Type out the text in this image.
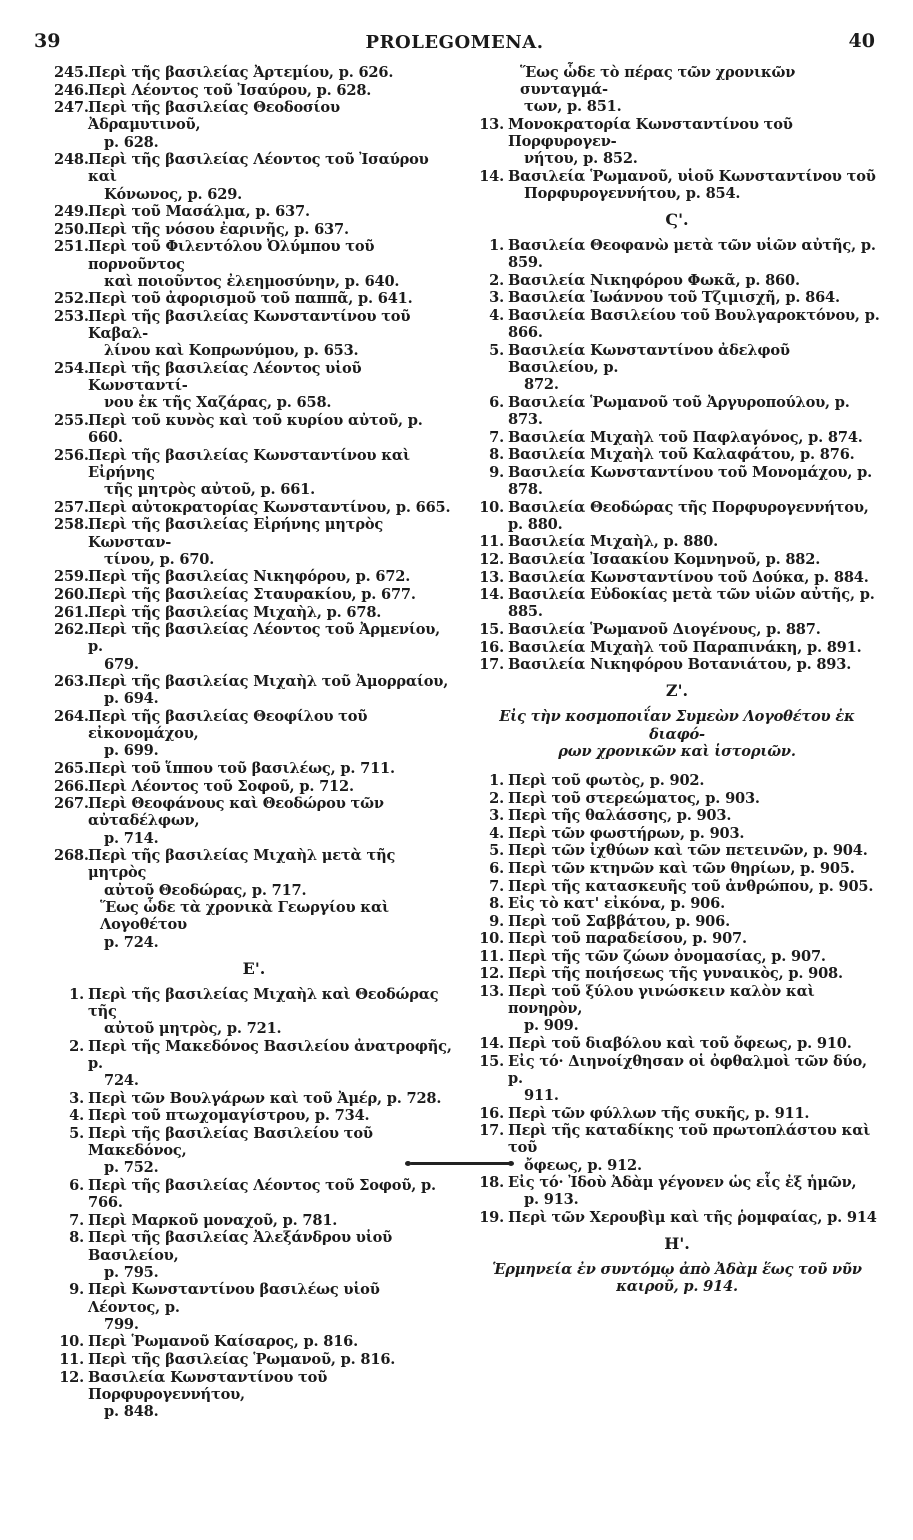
39	PROLEGOMENA.	40
245. Περὶ τῆς βασιλείας Ἀρτεμίου, p. 626.
246. Περὶ Λέοντος τοῦ Ἰσαύρου, p. 628.
247. Περὶ τῆς βασιλείας Θεοδοσίου Ἀδραμυτινοῦ,
p. 628.
248. Περὶ τῆς βασιλείας Λέοντος τοῦ Ἰσαύρου καὶ
Κόνωνος, p. 629.
249. Περὶ τοῦ Μασάλμα, p. 637.
250. Περὶ τῆς νόσου ἐαρινῆς, p. 637.
251. Περὶ τοῦ Φιλεντόλου Ὀλύμπου τοῦ πορνοῦντος
καὶ ποιοῦντος ἐλεημοσύνην, p. 640.
252. Περὶ τοῦ ἀφορισμοῦ τοῦ παππᾶ, p. 641.
253. Περὶ τῆς βασιλείας Κωνσταντίνου τοῦ Καβαλ-
λίνου καὶ Κοπρωνύμου, p. 653.
254. Περὶ τῆς βασιλείας Λέοντος υἱοῦ Κωνσταντί-
νου ἐκ τῆς Χαζάρας, p. 658.
255. Περὶ τοῦ κυνὸς καὶ τοῦ κυρίου αὐτοῦ, p. 660.
256. Περὶ τῆς βασιλείας Κωνσταντίνου καὶ Εἰρήνης
τῆς μητρὸς αὐτοῦ, p. 661.
257. Περὶ αὐτοκρατορίας Κωνσταντίνου, p. 665.
258. Περὶ τῆς βασιλείας Εἰρήνης μητρὸς Κωνσταν-
τίνου, p. 670.
259. Περὶ τῆς βασιλείας Νικηφόρου, p. 672.
260. Περὶ τῆς βασιλείας Σταυρακίου, p. 677.
261. Περὶ τῆς βασιλείας Μιχαὴλ, p. 678.
262. Περὶ τῆς βασιλείας Λέοντος τοῦ Ἀρμενίου, p.
679.
263. Περὶ τῆς βασιλείας Μιχαὴλ τοῦ Ἀμορραίου,
p. 694.
264. Περὶ τῆς βασιλείας Θεοφίλου τοῦ εἰκονομάχου,
p. 699.
265. Περὶ τοῦ ἵππου τοῦ βασιλέως, p. 711.
266. Περὶ Λέοντος τοῦ Σοφοῦ, p. 712.
267. Περὶ Θεοφάνους καὶ Θεοδώρου τῶν αὐταδέλφων,
p. 714.
268. Περὶ τῆς βασιλείας Μιχαὴλ μετὰ τῆς μητρὸς
αὐτοῦ Θεοδώρας, p. 717.
Ἕως ὧδε τὰ χρονικὰ Γεωργίου καὶ Λογοθέτου
p. 724.
E'.
1. Περὶ τῆς βασιλείας Μιχαὴλ καὶ Θεοδώρας τῆς
αὐτοῦ μητρὸς, p. 721.
2. Περὶ τῆς Μακεδόνος Βασιλείου ἀνατροφῆς, p.
724.
3. Περὶ τῶν Βουλγάρων καὶ τοῦ Ἀμέρ, p. 728.
4. Περὶ τοῦ πτωχομαγίστρου, p. 734.
5. Περὶ τῆς βασιλείας Βασιλείου τοῦ Μακεδόνος,
p. 752.
6. Περὶ τῆς βασιλείας Λέοντος τοῦ Σοφοῦ, p. 766.
7. Περὶ Μαρκοῦ μοναχοῦ, p. 781.
8. Περὶ τῆς βασιλείας Ἀλεξάνδρου υἱοῦ Βασιλείου,
p. 795.
9. Περὶ Κωνσταντίνου βασιλέως υἱοῦ Λέοντος, p.
799.
10. Περὶ Ῥωμανοῦ Καίσαρος, p. 816.
11. Περὶ τῆς βασιλείας Ῥωμανοῦ, p. 816.
12. Βασιλεία Κωνσταντίνου τοῦ Πορφυρογεννήτου,
p. 848.
Ἕως ὧδε τὸ πέρας τῶν χρονικῶν συνταγμά-
των, p. 851.
13. Μονοκρατορία Κωνσταντίνου τοῦ Πορφυρογεν-
νήτου, p. 852.
14. Βασιλεία Ῥωμανοῦ, υἱοῦ Κωνσταντίνου τοῦ
Πορφυρογεννήτου, p. 854.
Ϛ'.
1. Βασιλεία Θεοφανὼ μετὰ τῶν υἱῶν αὐτῆς, p. 859.
2. Βασιλεία Νικηφόρου Φωκᾶ, p. 860.
3. Βασιλεία Ἰωάννου τοῦ Τζιμισχῆ, p. 864.
4. Βασιλεία Βασιλείου τοῦ Βουλγαροκτόνου, p. 866.
5. Βασιλεία Κωνσταντίνου ἀδελφοῦ Βασιλείου, p.
872.
6. Βασιλεία Ῥωμανοῦ τοῦ Ἀργυροπούλου, p. 873.
7. Βασιλεία Μιχαὴλ τοῦ Παφλαγόνος, p. 874.
8. Βασιλεία Μιχαὴλ τοῦ Καλαφάτου, p. 876.
9. Βασιλεία Κωνσταντίνου τοῦ Μονομάχου, p. 878.
10. Βασιλεία Θεοδώρας τῆς Πορφυρογεννήτου, p. 880.
11. Βασιλεία Μιχαὴλ, p. 880.
12. Βασιλεία Ἰσαακίου Κομνηνοῦ, p. 882.
13. Βασιλεία Κωνσταντίνου τοῦ Δούκα, p. 884.
14. Βασιλεία Εὐδοκίας μετὰ τῶν υἱῶν αὐτῆς, p. 885.
15. Βασιλεία Ῥωμανοῦ Διογένους, p. 887.
16. Βασιλεία Μιχαὴλ τοῦ Παραπινάκη, p. 891.
17. Βασιλεία Νικηφόρου Βοτανιάτου, p. 893.
Z'.
Εἰς τὴν κοσμοποιΐαν Συμεὼν Λογοθέτου ἐκ διαφό-
ρων χρονικῶν καὶ ἱστοριῶν.
1. Περὶ τοῦ φωτὸς, p. 902.
2. Περὶ τοῦ στερεώματος, p. 903.
3. Περὶ τῆς θαλάσσης, p. 903.
4. Περὶ τῶν φωστήρων, p. 903.
5. Περὶ τῶν ἰχθύων καὶ τῶν πετεινῶν, p. 904.
6. Περὶ τῶν κτηνῶν καὶ τῶν θηρίων, p. 905.
7. Περὶ τῆς κατασκευῆς τοῦ ἀνθρώπου, p. 905.
8. Εἰς τὸ κατ' εἰκόνα, p. 906.
9. Περὶ τοῦ Σαββάτου, p. 906.
10. Περὶ τοῦ παραδείσου, p. 907.
11. Περὶ τῆς τῶν ζώων ὀνομασίας, p. 907.
12. Περὶ τῆς ποιήσεως τῆς γυναικὸς, p. 908.
13. Περὶ τοῦ ξύλου γινώσκειν καλὸν καὶ πονηρὸν,
p. 909.
14. Περὶ τοῦ διαβόλου καὶ τοῦ ὄφεως, p. 910.
15. Εἰς τό· Διηνοίχθησαν οἱ ὀφθαλμοὶ τῶν δύο, p.
911.
16. Περὶ τῶν φύλλων τῆς συκῆς, p. 911.
17. Περὶ τῆς καταδίκης τοῦ πρωτοπλάστου καὶ τοῦ
ὄφεως, p. 912.
18. Εἰς τό· Ἰδοὺ Ἀδὰμ γέγονεν ὡς εἷς ἐξ ἡμῶν,
p. 913.
19. Περὶ τῶν Χερουβὶμ καὶ τῆς ῥομφαίας, p. 914
H'.
Ἑρμηνεία ἐν συντόμῳ ἀπὸ Ἀδὰμ ἕως τοῦ νῦν
καιροῦ, p. 914.
